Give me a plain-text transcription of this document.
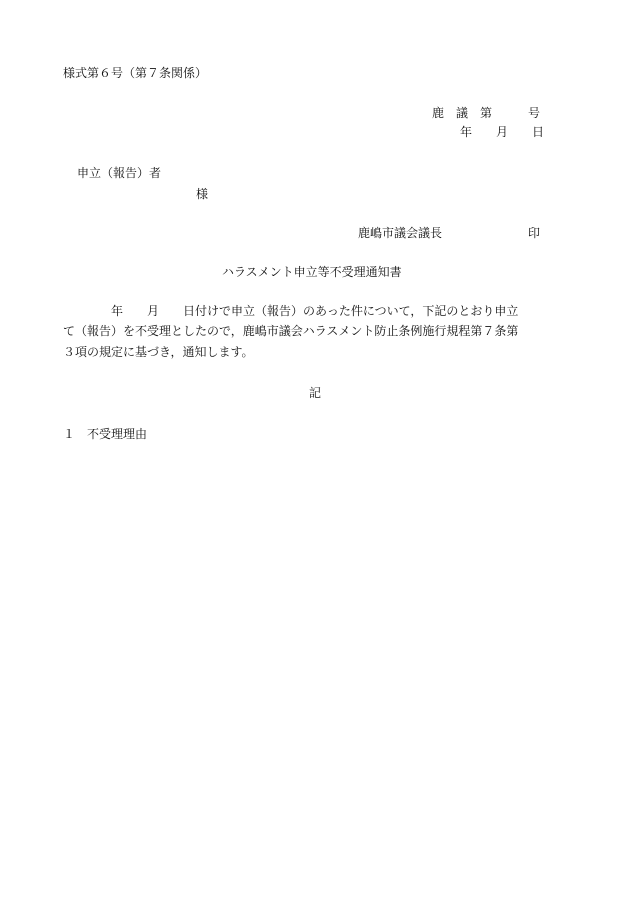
様式第６号（第７条関係）
鹿　議　第　　　号
年　　月　　日
申立（報告）者
様
鹿嶋市議会議長	印
ハラスメント申立等不受理通知書
　　　　年　　月　　日付けで申立（報告）のあった件について，下記のとおり申立
て（報告）を不受理としたので，鹿嶋市議会ハラスメント防止条例施行規程第７条第
３項の規定に基づき，通知します。
記
１　不受理理由
